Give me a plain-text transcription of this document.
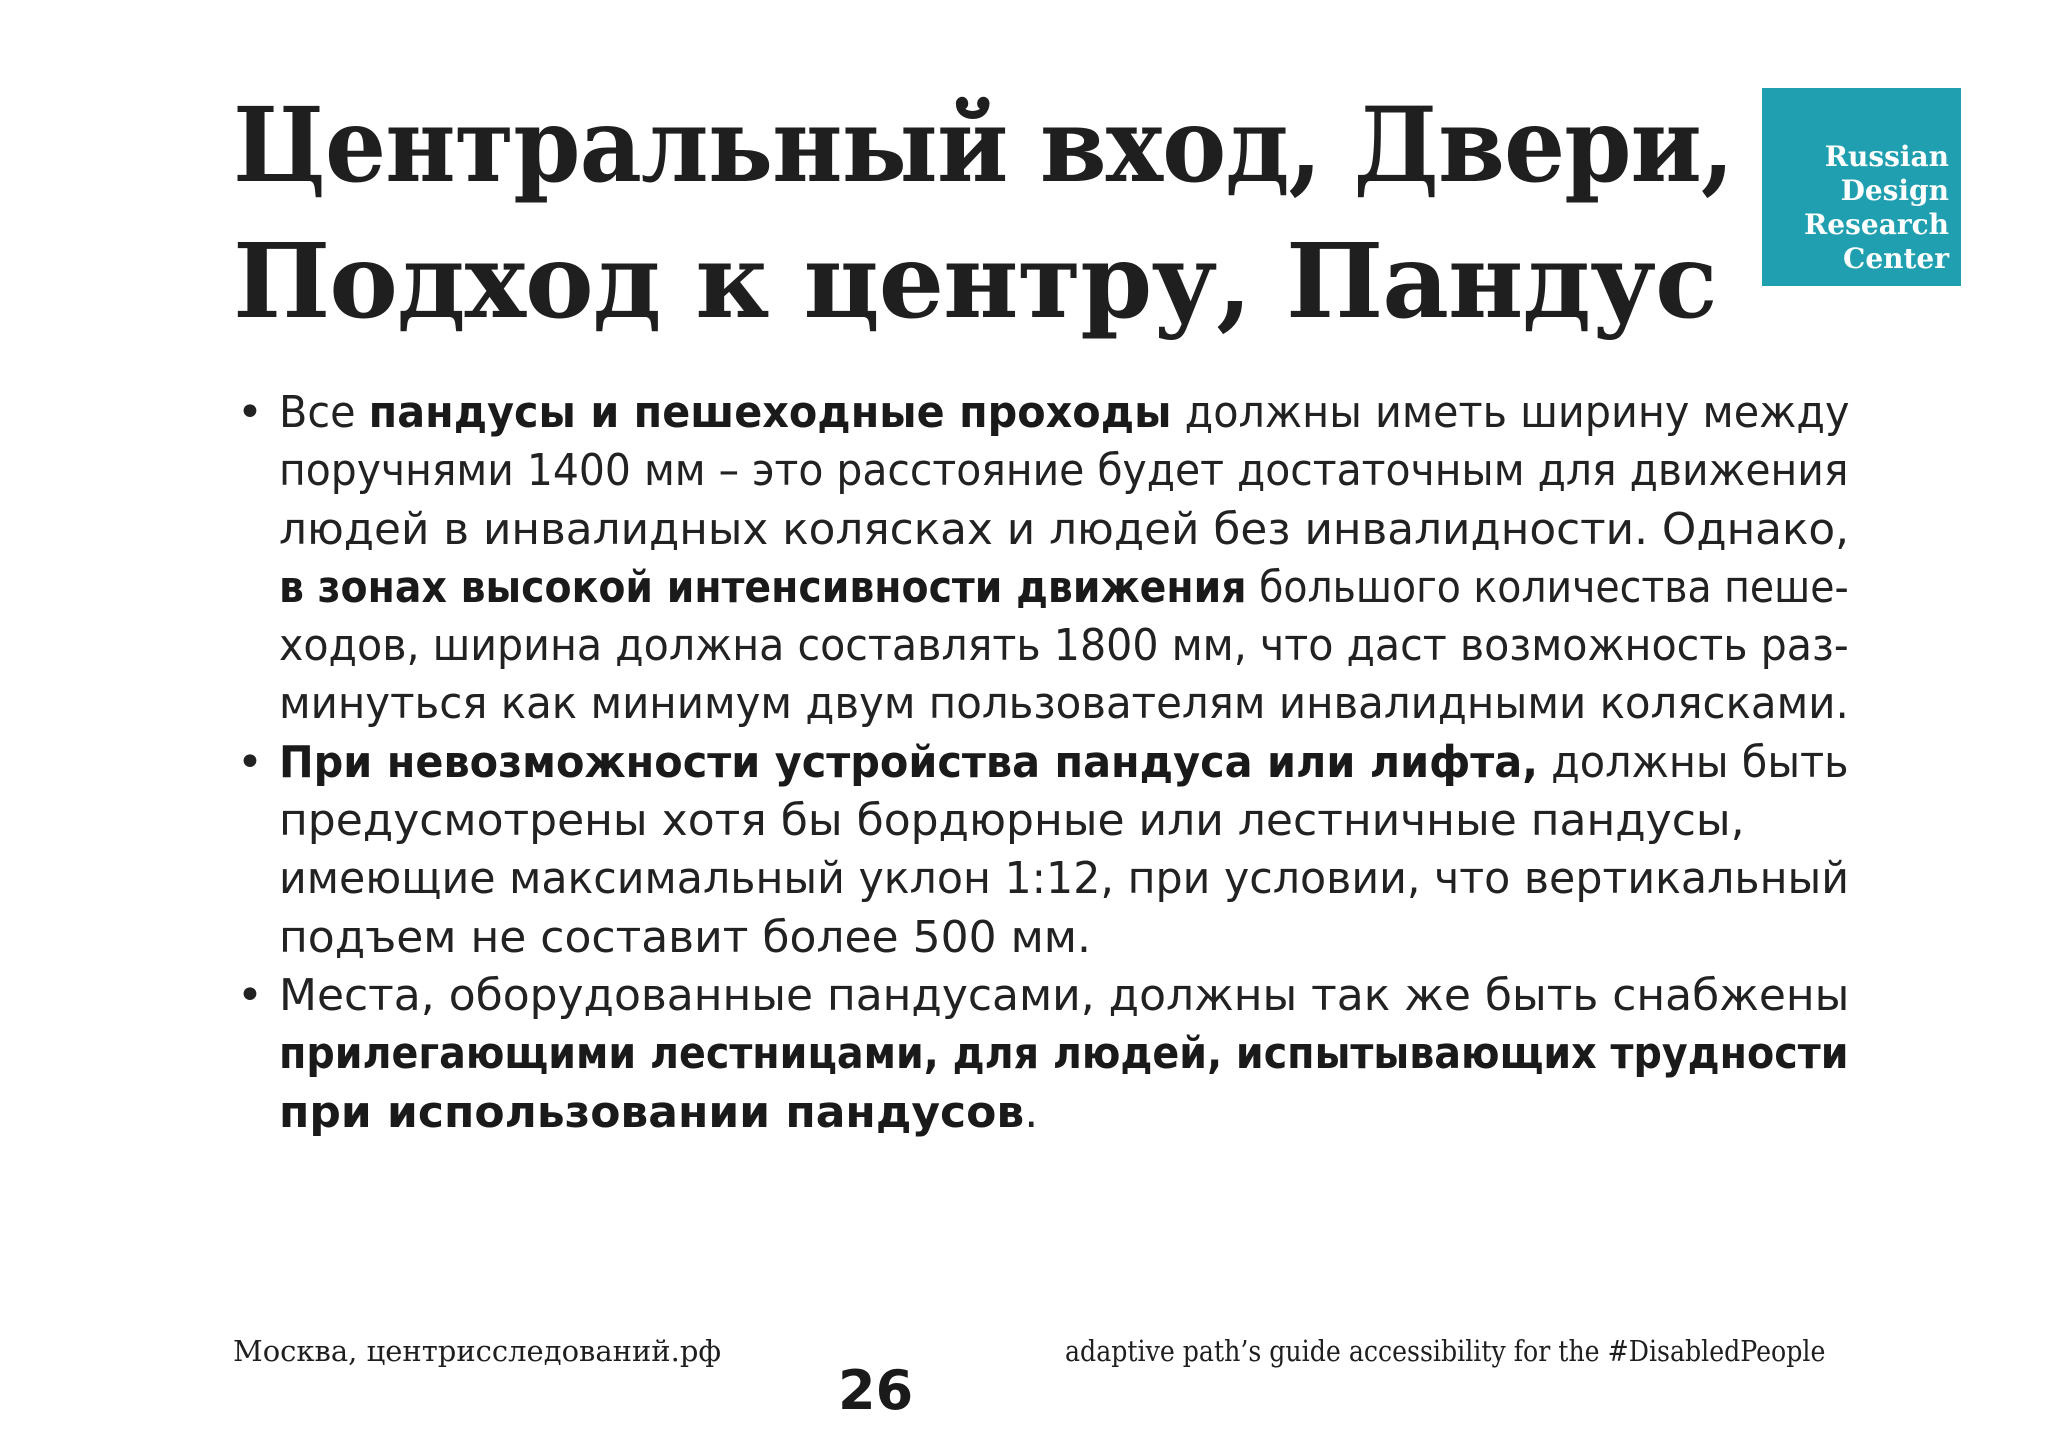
Центральный вход, Двери,
Подход к центру, Пандус
Russian
Design
Research
Center
• Все пандусы и пешеходные проходы должны иметь ширину между
поручнями 1400 мм – это расстояние будет достаточным для движения
людей в инвалидных колясках и людей без инвалидности. Однако,
в зонах высокой интенсивности движения большого количества пеше-
ходов, ширина должна составлять 1800 мм, что даст возможность раз-
минуться как минимум двум пользователям инвалидными колясками.
• При невозможности устройства пандуса или лифта, должны быть
предусмотрены хотя бы бордюрные или лестничные пандусы,
имеющие максимальный уклон 1:12, при условии, что вертикальный
подъем не составит более 500 мм.
• Места, оборудованные пандусами, должны так же быть снабжены
прилегающими лестницами, для людей, испытывающих трудности
при использовании пандусов.
Москва, центрисследований.рф
26
adaptive path’s guide accessibility for the #DisabledPeople
